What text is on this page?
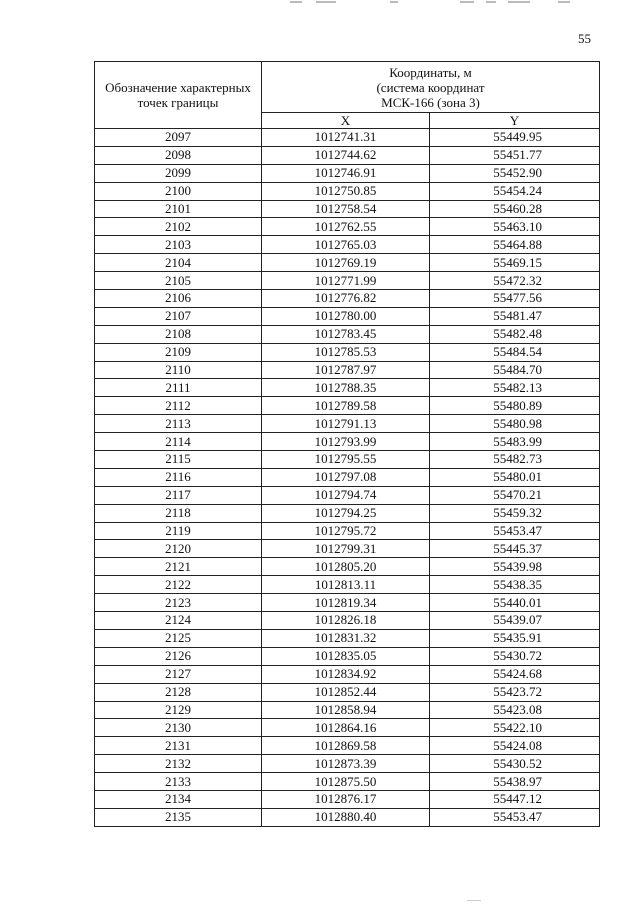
55
Обозначение характерных точек границы	Координаты, м
(система координат
МСК-166 (зона 3)	

	X	Y
2097	1012741.31	55449.95
2098	1012744.62	55451.77
2099	1012746.91	55452.90
2100	1012750.85	55454.24
2101	1012758.54	55460.28
2102	1012762.55	55463.10
2103	1012765.03	55464.88
2104	1012769.19	55469.15
2105	1012771.99	55472.32
2106	1012776.82	55477.56
2107	1012780.00	55481.47
2108	1012783.45	55482.48
2109	1012785.53	55484.54
2110	1012787.97	55484.70
2111	1012788.35	55482.13
2112	1012789.58	55480.89
2113	1012791.13	55480.98
2114	1012793.99	55483.99
2115	1012795.55	55482.73
2116	1012797.08	55480.01
2117	1012794.74	55470.21
2118	1012794.25	55459.32
2119	1012795.72	55453.47
2120	1012799.31	55445.37
2121	1012805.20	55439.98
2122	1012813.11	55438.35
2123	1012819.34	55440.01
2124	1012826.18	55439.07
2125	1012831.32	55435.91
2126	1012835.05	55430.72
2127	1012834.92	55424.68
2128	1012852.44	55423.72
2129	1012858.94	55423.08
2130	1012864.16	55422.10
2131	1012869.58	55424.08
2132	1012873.39	55430.52
2133	1012875.50	55438.97
2134	1012876.17	55447.12
2135	1012880.40	55453.47
